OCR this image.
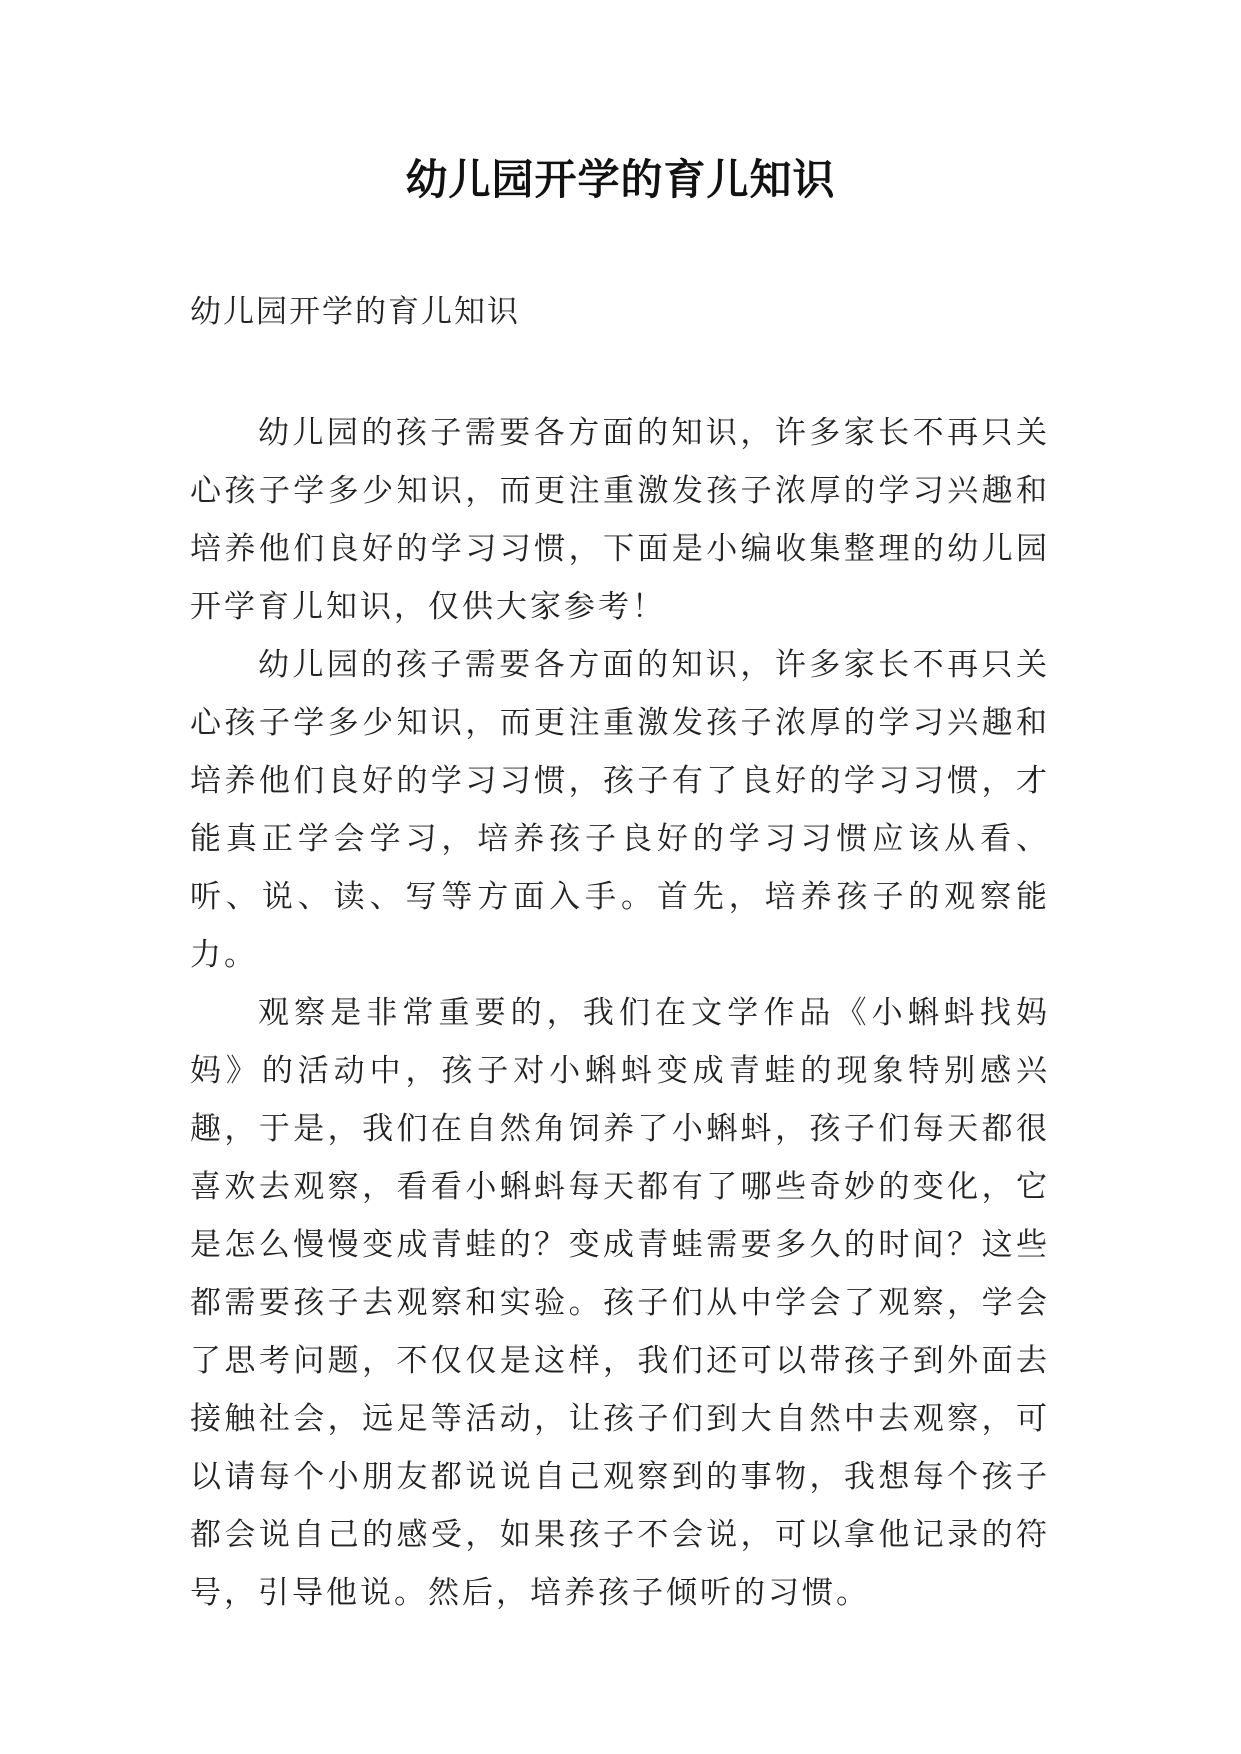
幼儿园开学的育儿知识

幼儿园开学的育儿知识

幼儿园的孩子需要各方面的知识，许多家长不再只关心孩子学多少知识，而更注重激发孩子浓厚的学习兴趣和培养他们良好的学习习惯，下面是小编收集整理的幼儿园开学育儿知识，仅供大家参考！

幼儿园的孩子需要各方面的知识，许多家长不再只关心孩子学多少知识，而更注重激发孩子浓厚的学习兴趣和培养他们良好的学习习惯，孩子有了良好的学习习惯，才能真正学会学习，培养孩子良好的学习习惯应该从看、听、说、读、写等方面入手。首先，培养孩子的观察能力。

观察是非常重要的，我们在文学作品《小蝌蚪找妈妈》的活动中，孩子对小蝌蚪变成青蛙的现象特别感兴趣，于是，我们在自然角饲养了小蝌蚪，孩子们每天都很喜欢去观察，看看小蝌蚪每天都有了哪些奇妙的变化，它是怎么慢慢变成青蛙的？变成青蛙需要多久的时间？这些都需要孩子去观察和实验。孩子们从中学会了观察，学会了思考问题，不仅仅是这样，我们还可以带孩子到外面去接触社会，远足等活动，让孩子们到大自然中去观察，可以请每个小朋友都说说自己观察到的事物，我想每个孩子都会说自己的感受，如果孩子不会说，可以拿他记录的符号，引导他说。然后，培养孩子倾听的习惯。
